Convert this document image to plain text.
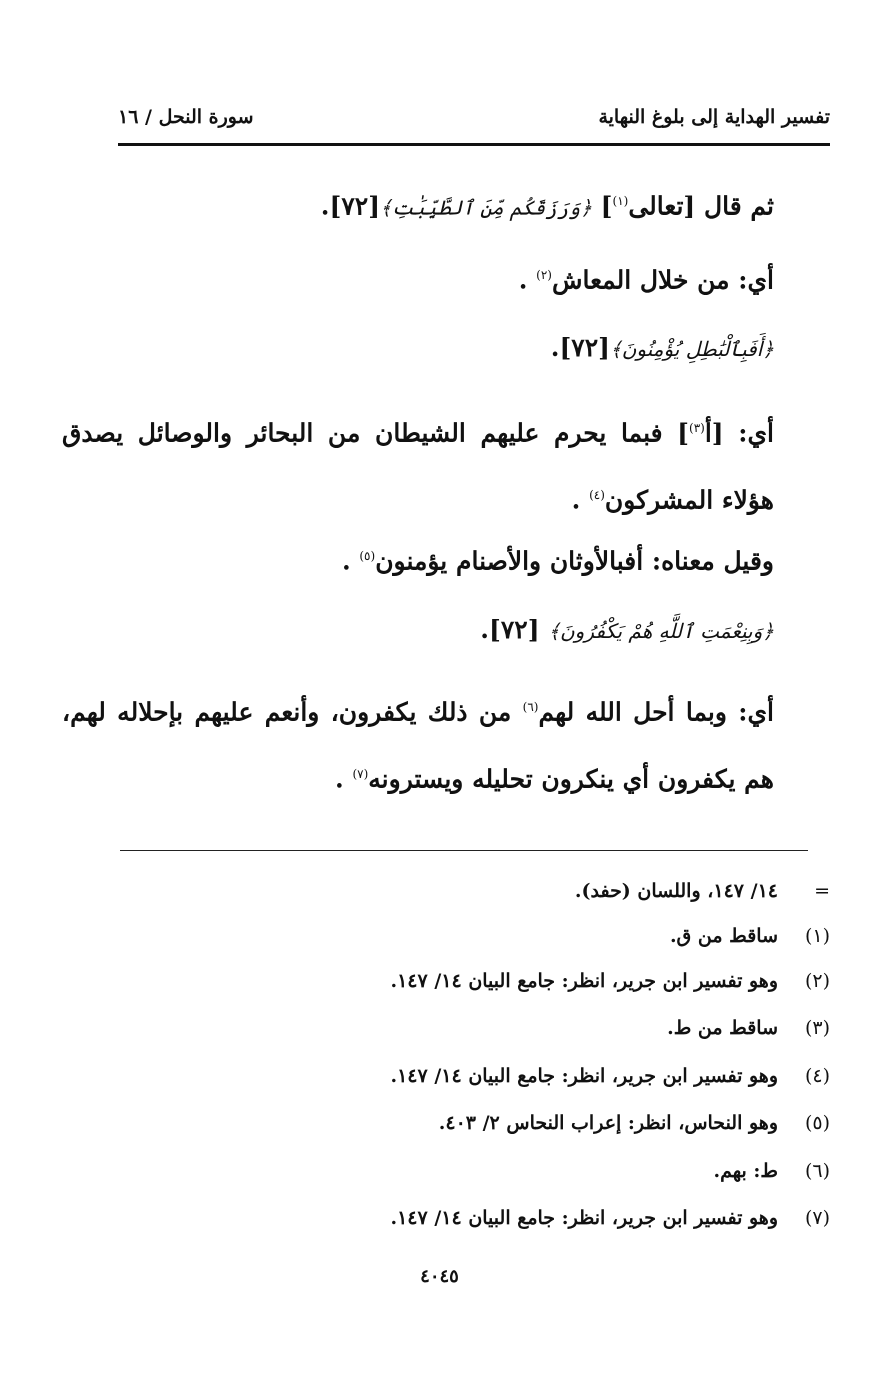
تفسير الهداية إلى بلوغ النهاية
سورة النحل / ١٦
ثم قال [تعالى$^{(١)}$] ﴿وَرَزَقَكُم مِّنَ ٱلطَّيِّبَٰتِ﴾[٧٢].
أي: من خلال المعاش$^{(٢)}$ .
﴿أَفَبِٱلْبَٰطِلِ يُؤْمِنُونَ﴾[٧٢].
أي: [أ$^{(٣)}$] فبما يحرم عليهم الشيطان من البحائر والوصائل يصدق هؤلاء المشركون$^{(٤)}$ .
وقيل معناه: أفبالأوثان والأصنام يؤمنون$^{(٥)}$ .
﴿وَبِنِعْمَتِ ٱللَّهِ هُمْ يَكْفُرُونَ﴾ [٧٢].
أي: وبما أحل الله لهم$^{(٦)}$ من ذلك يكفرون، وأنعم عليهم بإحلاله لهم، هم يكفرون أي ينكرون تحليله ويسترونه$^{(٧)}$ .
=١٤/ ١٤٧، واللسان (حفد).
(١)ساقط من ق.
(٢)وهو تفسير ابن جرير، انظر: جامع البيان ١٤/ ١٤٧.
(٣)ساقط من ط.
(٤)وهو تفسير ابن جرير، انظر: جامع البيان ١٤/ ١٤٧.
(٥)وهو النحاس، انظر: إعراب النحاس ٢/ ٤٠٣.
(٦)ط: بهم.
(٧)وهو تفسير ابن جرير، انظر: جامع البيان ١٤/ ١٤٧.
٤٠٤٥
